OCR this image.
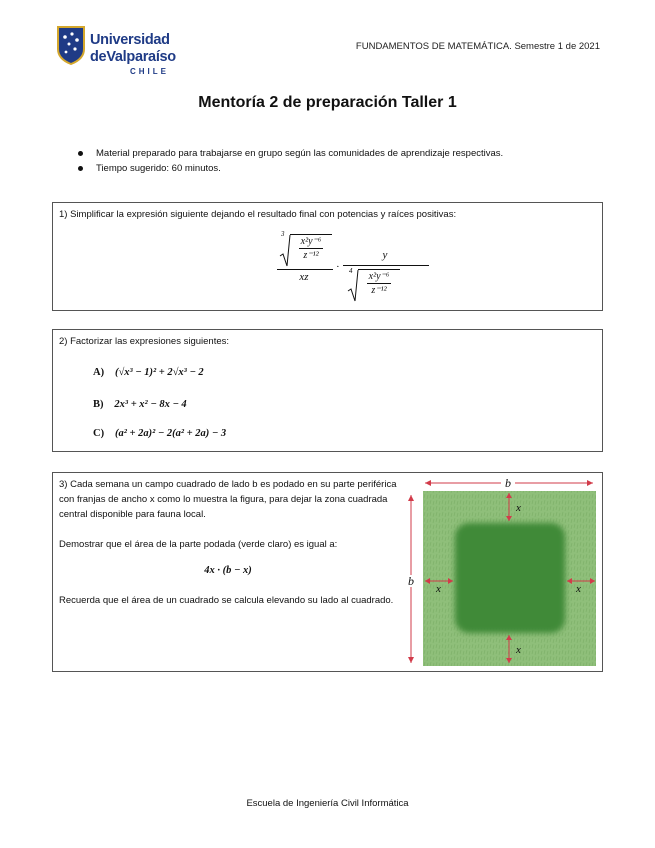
Universidad
deValparaíso
CHILE
FUNDAMENTOS DE MATEMÁTICA. Semestre 1 de 2021
Mentoría 2 de preparación Taller 1
Material preparado para trabajarse en grupo según las comunidades de aprendizaje respectivas.
Tiempo sugerido: 60 minutos.
1) Simplificar la expresión siguiente dejando el resultado final con potencias y raíces positivas:
3
$\frac{\text{x²y⁻⁶}}{\text{z⁻¹²}}$
xz
·
y
$4 \frac{\text{x²y⁻⁶}}{\text{z⁻¹²}}$
2) Factorizar las expresiones siguientes:
A) (√x³ − 1)² + 2√x³ − 2
B) 2x³ + x² − 8x − 4
C) (a² + 2a)² − 2(a² + 2a) − 3
3) Cada semana un campo cuadrado de lado b es podado en su parte periférica con franjas de ancho x como lo muestra la figura, para dejar la zona cuadrada central disponible para fauna local.
Demostrar que el área de la parte podada (verde claro) es igual a:
4x · (b − x)
Recuerda que el área de un cuadrado se calcula elevando su lado al cuadrado.
b
b
x
x
x	x
Escuela de Ingeniería Civil Informática
